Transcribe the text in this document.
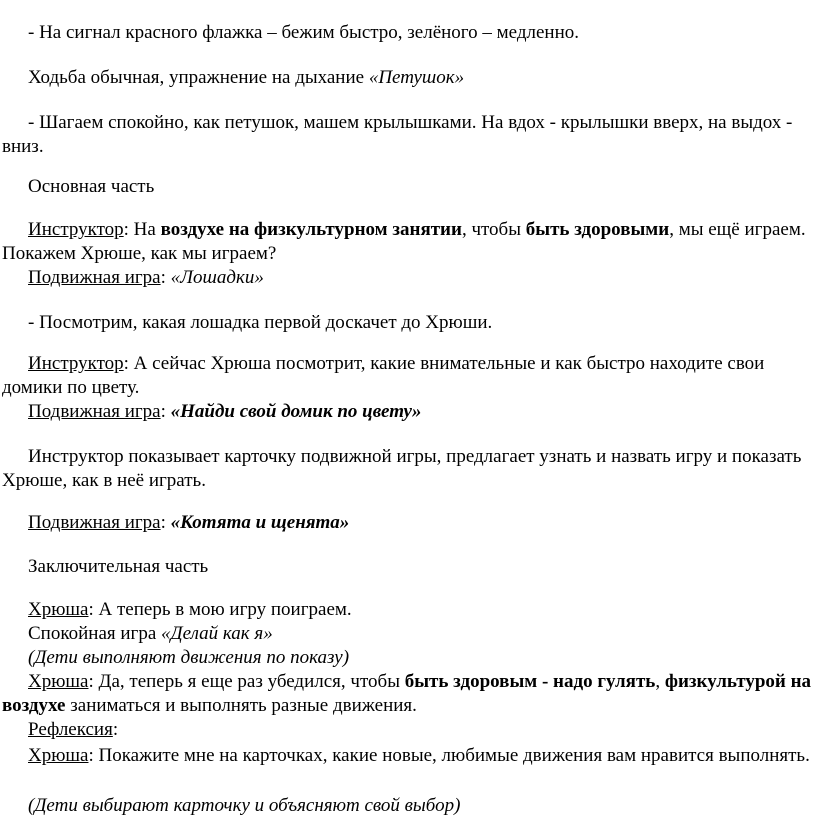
- На сигнал красного флажка – бежим быстро, зелёного – медленно.

Ходьба обычная, упражнение на дыхание «Петушок»

- Шагаем спокойно, как петушок, машем крылышками. На вдох - крылышки вверх, на выдох - вниз.

Основная часть

Инструктор: На воздухе на физкультурном занятии, чтобы быть здоровыми, мы ещё играем. Покажем Хрюше, как мы играем?

Подвижная игра: «Лошадки»

- Посмотрим, какая лошадка первой доскачет до Хрюши.

Инструктор: А сейчас Хрюша посмотрит, какие внимательные и как быстро находите свои домики по цвету.

Подвижная игра: «Найди свой домик по цвету»

Инструктор показывает карточку подвижной игры, предлагает узнать и назвать игру и показать Хрюше, как в неё играть.

Подвижная игра: «Котята и щенята»

Заключительная часть

Хрюша: А теперь в мою игру поиграем.

Спокойная игра «Делай как я»

(Дети выполняют движения по показу)

Хрюша: Да, теперь я еще раз убедился, чтобы быть здоровым - надо гулять, физкультурой на воздухе заниматься и выполнять разные движения.

Рефлексия:

Хрюша: Покажите мне на карточках, какие новые, любимые движения вам нравится выполнять.

(Дети выбирают карточку и объясняют свой выбор)
